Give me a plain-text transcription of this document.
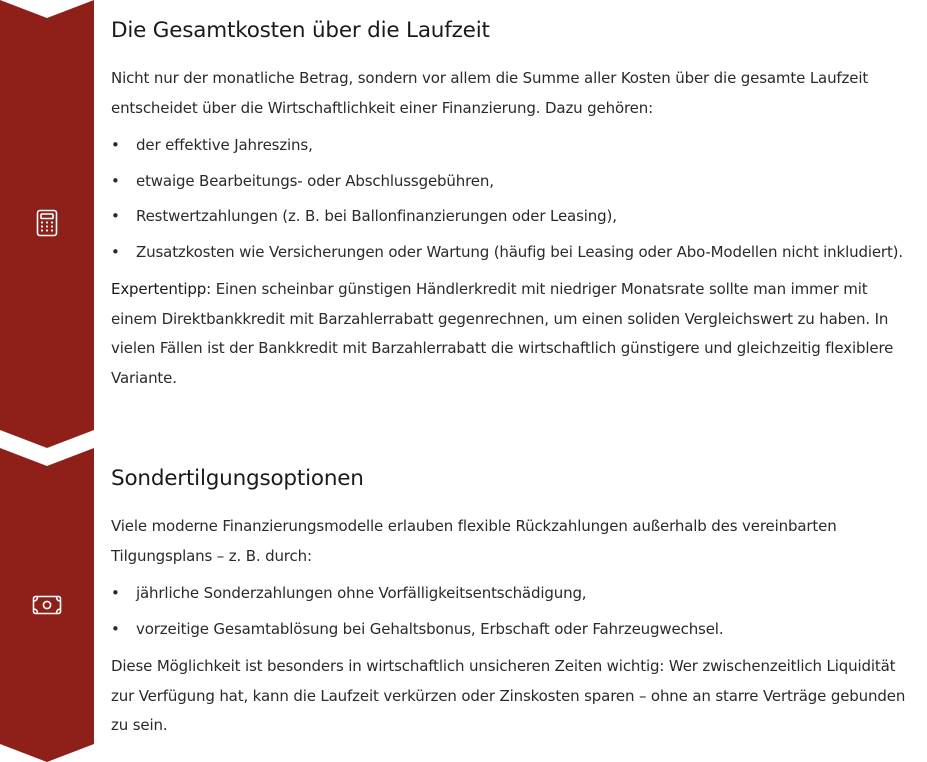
Die Gesamtkosten über die Laufzeit

Nicht nur der monatliche Betrag, sondern vor allem die Summe aller Kosten über die gesamte Laufzeit entscheidet über die Wirtschaftlichkeit einer Finanzierung. Dazu gehören:

• der effektive Jahreszins,
• etwaige Bearbeitungs- oder Abschlussgebühren,
• Restwertzahlungen (z. B. bei Ballonfinanzierungen oder Leasing),
• Zusatzkosten wie Versicherungen oder Wartung (häufig bei Leasing oder Abo-Modellen nicht inkludiert).

Expertentipp: Einen scheinbar günstigen Händlerkredit mit niedriger Monatsrate sollte man immer mit einem Direktbankkredit mit Barzahlerrabatt gegenrechnen, um einen soliden Vergleichswert zu haben. In vielen Fällen ist der Bankkredit mit Barzahlerrabatt die wirtschaftlich günstigere und gleichzeitig flexiblere Variante.

Sondertilgungsoptionen

Viele moderne Finanzierungsmodelle erlauben flexible Rückzahlungen außerhalb des vereinbarten Tilgungsplans – z. B. durch:

• jährliche Sonderzahlungen ohne Vorfälligkeitsentschädigung,
• vorzeitige Gesamtablösung bei Gehaltsbonus, Erbschaft oder Fahrzeugwechsel.

Diese Möglichkeit ist besonders in wirtschaftlich unsicheren Zeiten wichtig: Wer zwischenzeitlich Liquidität zur Verfügung hat, kann die Laufzeit verkürzen oder Zinskosten sparen – ohne an starre Verträge gebunden zu sein.
